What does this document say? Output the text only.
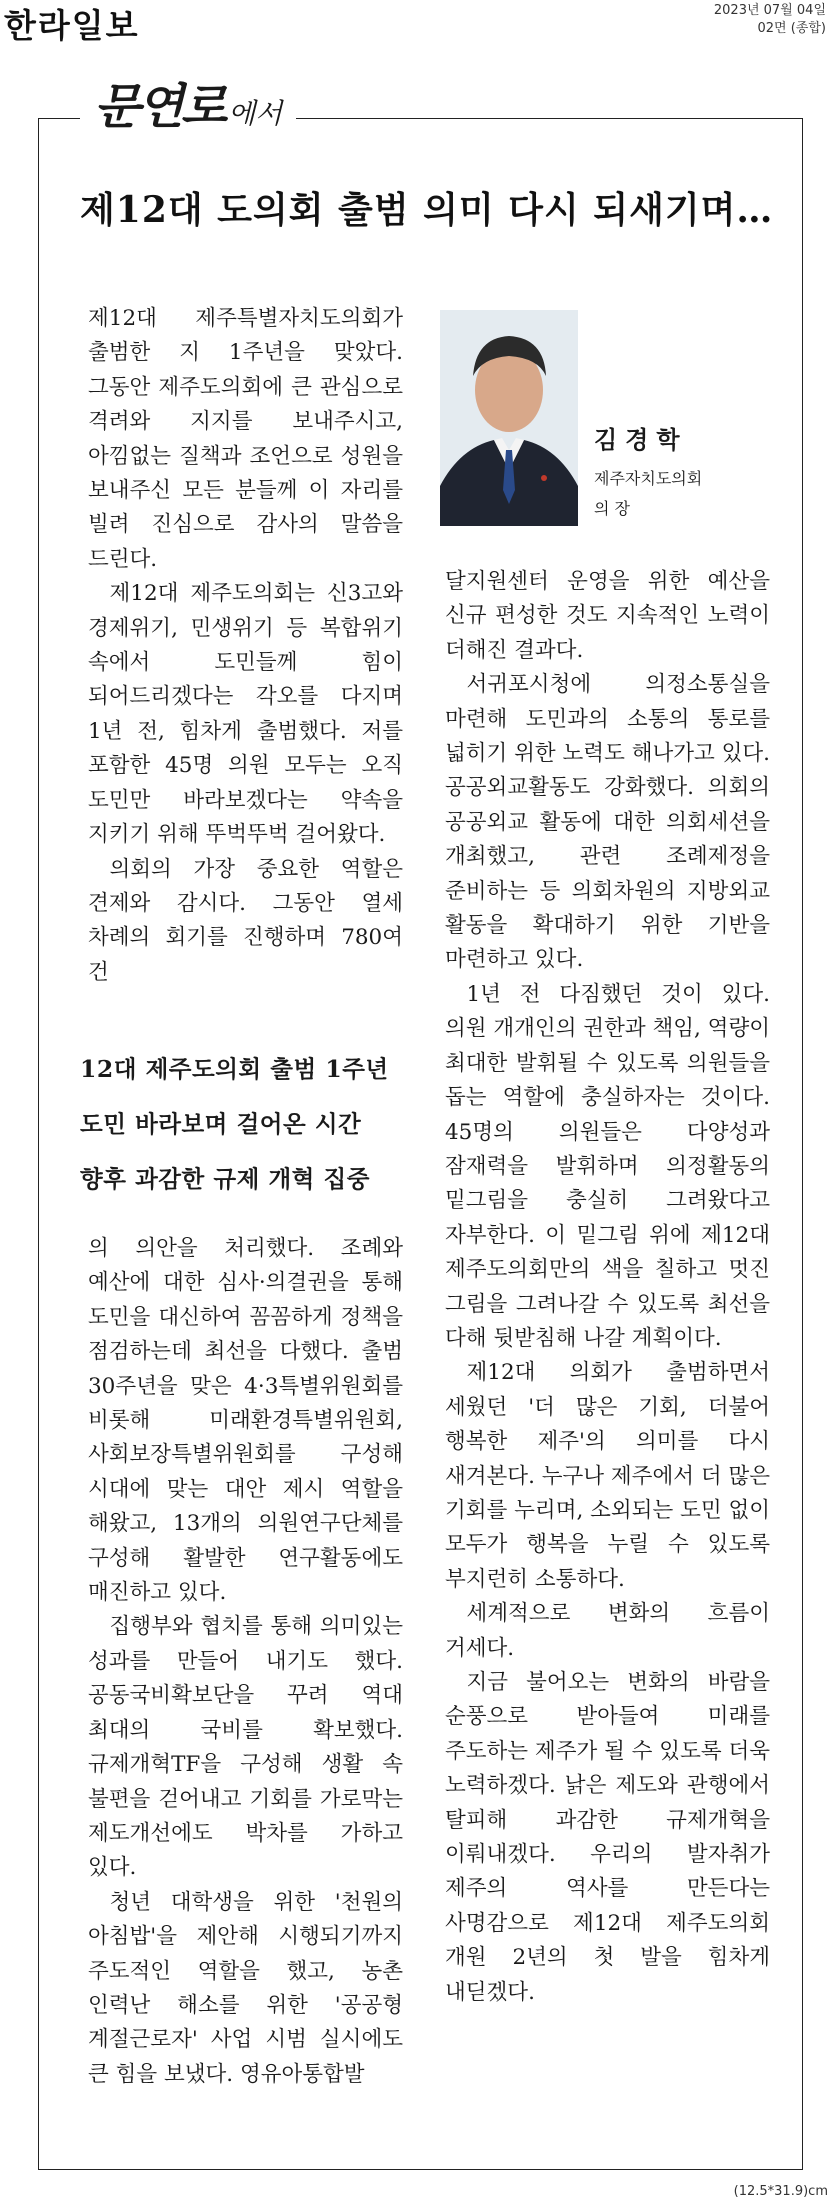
한라일보	2023년 07월 04일
02면 (종합)
문연로 에서
제12대 도의회 출범 의미 다시 되새기며…

제12대 제주특별자치도의회가 출범한 지 1주년을 맞았다. 그동안 제주도의회에 큰 관심으로 격려와 지지를 보내주시고, 아낌없는 질책과 조언으로 성원을 보내주신 모든 분들께 이 자리를 빌려 진심으로 감사의 말씀을 드린다.

제12대 제주도의회는 신3고와 경제위기, 민생위기 등 복합위기 속에서 도민들께 힘이 되어드리겠다는 각오를 다지며 1년 전, 힘차게 출범했다. 저를 포함한 45명 의원 모두는 오직 도민만 바라보겠다는 약속을 지키기 위해 뚜벅뚜벅 걸어왔다.

의회의 가장 중요한 역할은 견제와 감시다. 그동안 열세 차례의 회기를 진행하며 780여 건

12대 제주도의회 출범 1주년
도민 바라보며 걸어온 시간
향후 과감한 규제 개혁 집중

의 의안을 처리했다. 조례와 예산에 대한 심사·의결권을 통해 도민을 대신하여 꼼꼼하게 정책을 점검하는데 최선을 다했다. 출범 30주년을 맞은 4·3특별위원회를 비롯해 미래환경특별위원회, 사회보장특별위원회를 구성해 시대에 맞는 대안 제시 역할을 해왔고, 13개의 의원연구단체를 구성해 활발한 연구활동에도 매진하고 있다.

집행부와 협치를 통해 의미있는 성과를 만들어 내기도 했다. 공동국비확보단을 꾸려 역대 최대의 국비를 확보했다. 규제개혁TF을 구성해 생활 속 불편을 걷어내고 기회를 가로막는 제도개선에도 박차를 가하고 있다.

청년 대학생을 위한 '천원의 아침밥'을 제안해 시행되기까지 주도적인 역할을 했고, 농촌 인력난 해소를 위한 '공공형 계절근로자' 사업 시범 실시에도 큰 힘을 보냈다. 영유아통합발

김경학
제주자치도의회
의 장

달지원센터 운영을 위한 예산을 신규 편성한 것도 지속적인 노력이 더해진 결과다.

서귀포시청에 의정소통실을 마련해 도민과의 소통의 통로를 넓히기 위한 노력도 해나가고 있다. 공공외교활동도 강화했다. 의회의 공공외교 활동에 대한 의회세션을 개최했고, 관련 조례제정을 준비하는 등 의회차원의 지방외교 활동을 확대하기 위한 기반을 마련하고 있다.

1년 전 다짐했던 것이 있다. 의원 개개인의 권한과 책임, 역량이 최대한 발휘될 수 있도록 의원들을 돕는 역할에 충실하자는 것이다. 45명의 의원들은 다양성과 잠재력을 발휘하며 의정활동의 밑그림을 충실히 그려왔다고 자부한다. 이 밑그림 위에 제12대 제주도의회만의 색을 칠하고 멋진 그림을 그려나갈 수 있도록 최선을 다해 뒷받침해 나갈 계획이다.

제12대 의회가 출범하면서 세웠던 '더 많은 기회, 더불어 행복한 제주'의 의미를 다시 새겨본다. 누구나 제주에서 더 많은 기회를 누리며, 소외되는 도민 없이 모두가 행복을 누릴 수 있도록 부지런히 소통하다.

세계적으로 변화의 흐름이 거세다.

지금 불어오는 변화의 바람을 순풍으로 받아들여 미래를 주도하는 제주가 될 수 있도록 더욱 노력하겠다. 낡은 제도와 관행에서 탈피해 과감한 규제개혁을 이뤄내겠다. 우리의 발자취가 제주의 역사를 만든다는 사명감으로 제12대 제주도의회 개원 2년의 첫 발을 힘차게 내딛겠다.

(12.5*31.9)cm
